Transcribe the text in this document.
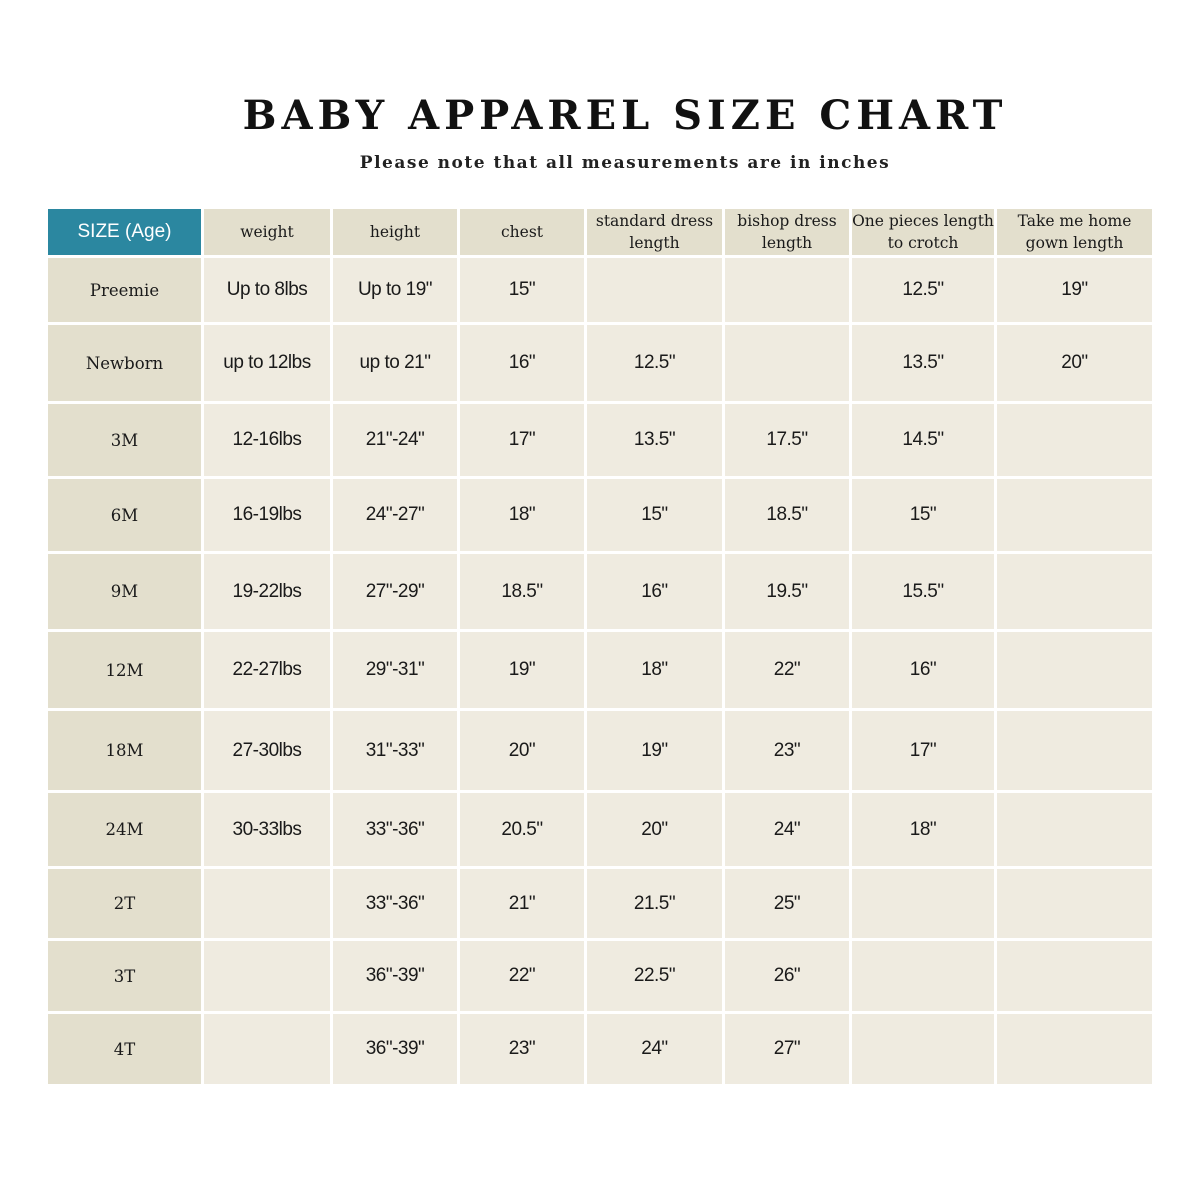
BABY APPAREL SIZE CHART
Please note that all measurements are in inches
SIZE (Age)	weight	height	chest	standard dress length	bishop dress length	One pieces length to crotch	Take me home gown length
Preemie	Up to 8lbs	Up to 19"	15"			12.5"	19"
Newborn	up to 12lbs	up to 21"	16"	12.5"		13.5"	20"
3M	12-16lbs	21"-24"	17"	13.5"	17.5"	14.5"	
6M	16-19lbs	24"-27"	18"	15"	18.5"	15"	
9M	19-22lbs	27"-29"	18.5"	16"	19.5"	15.5"	
12M	22-27lbs	29"-31"	19"	18"	22"	16"	
18M	27-30lbs	31"-33"	20"	19"	23"	17"	
24M	30-33lbs	33"-36"	20.5"	20"	24"	18"	
2T		33"-36"	21"	21.5"	25"		
3T		36"-39"	22"	22.5"	26"		
4T		36"-39"	23"	24"	27"		
